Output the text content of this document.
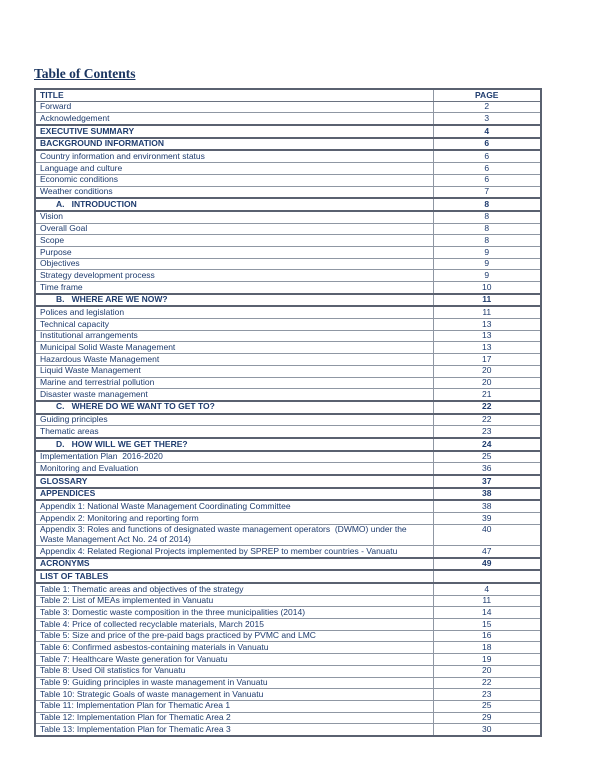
Table of Contents
TITLE	PAGE
Forward	2
Acknowledgement	3
EXECUTIVE SUMMARY	4
BACKGROUND INFORMATION	6
Country information and environment status	6
Language and culture	6
Economic conditions	6
Weather conditions	7
A.   INTRODUCTION	8
Vision	8
Overall Goal	8
Scope	8
Purpose	9
Objectives	9
Strategy development process	9
Time frame	10
B.   WHERE ARE WE NOW?	11
Polices and legislation	11
Technical capacity	13
Institutional arrangements	13
Municipal Solid Waste Management	13
Hazardous Waste Management	17
Liquid Waste Management	20
Marine and terrestrial pollution	20
Disaster waste management	21
C.   WHERE DO WE WANT TO GET TO?	22
Guiding principles	22
Thematic areas	23
D.   HOW WILL WE GET THERE?	24
Implementation Plan  2016-2020	25
Monitoring and Evaluation	36
GLOSSARY	37
APPENDICES	38
Appendix 1: National Waste Management Coordinating Committee	38
Appendix 2: Monitoring and reporting form	39
Appendix 3: Roles and functions of designated waste management operators  (DWMO) under the Waste Management Act No. 24 of 2014)	40
Appendix 4: Related Regional Projects implemented by SPREP to member countries - Vanuatu	47
ACRONYMS	49
LIST OF TABLES	
Table 1: Thematic areas and objectives of the strategy	4
Table 2: List of MEAs implemented in Vanuatu	11
Table 3: Domestic waste composition in the three municipalities (2014)	14
Table 4: Price of collected recyclable materials, March 2015	15
Table 5: Size and price of the pre-paid bags practiced by PVMC and LMC	16
Table 6: Confirmed asbestos-containing materials in Vanuatu	18
Table 7: Healthcare Waste generation for Vanuatu	19
Table 8: Used Oil statistics for Vanuatu	20
Table 9: Guiding principles in waste management in Vanuatu	22
Table 10: Strategic Goals of waste management in Vanuatu	23
Table 11: Implementation Plan for Thematic Area 1	25
Table 12: Implementation Plan for Thematic Area 2	29
Table 13: Implementation Plan for Thematic Area 3	30
